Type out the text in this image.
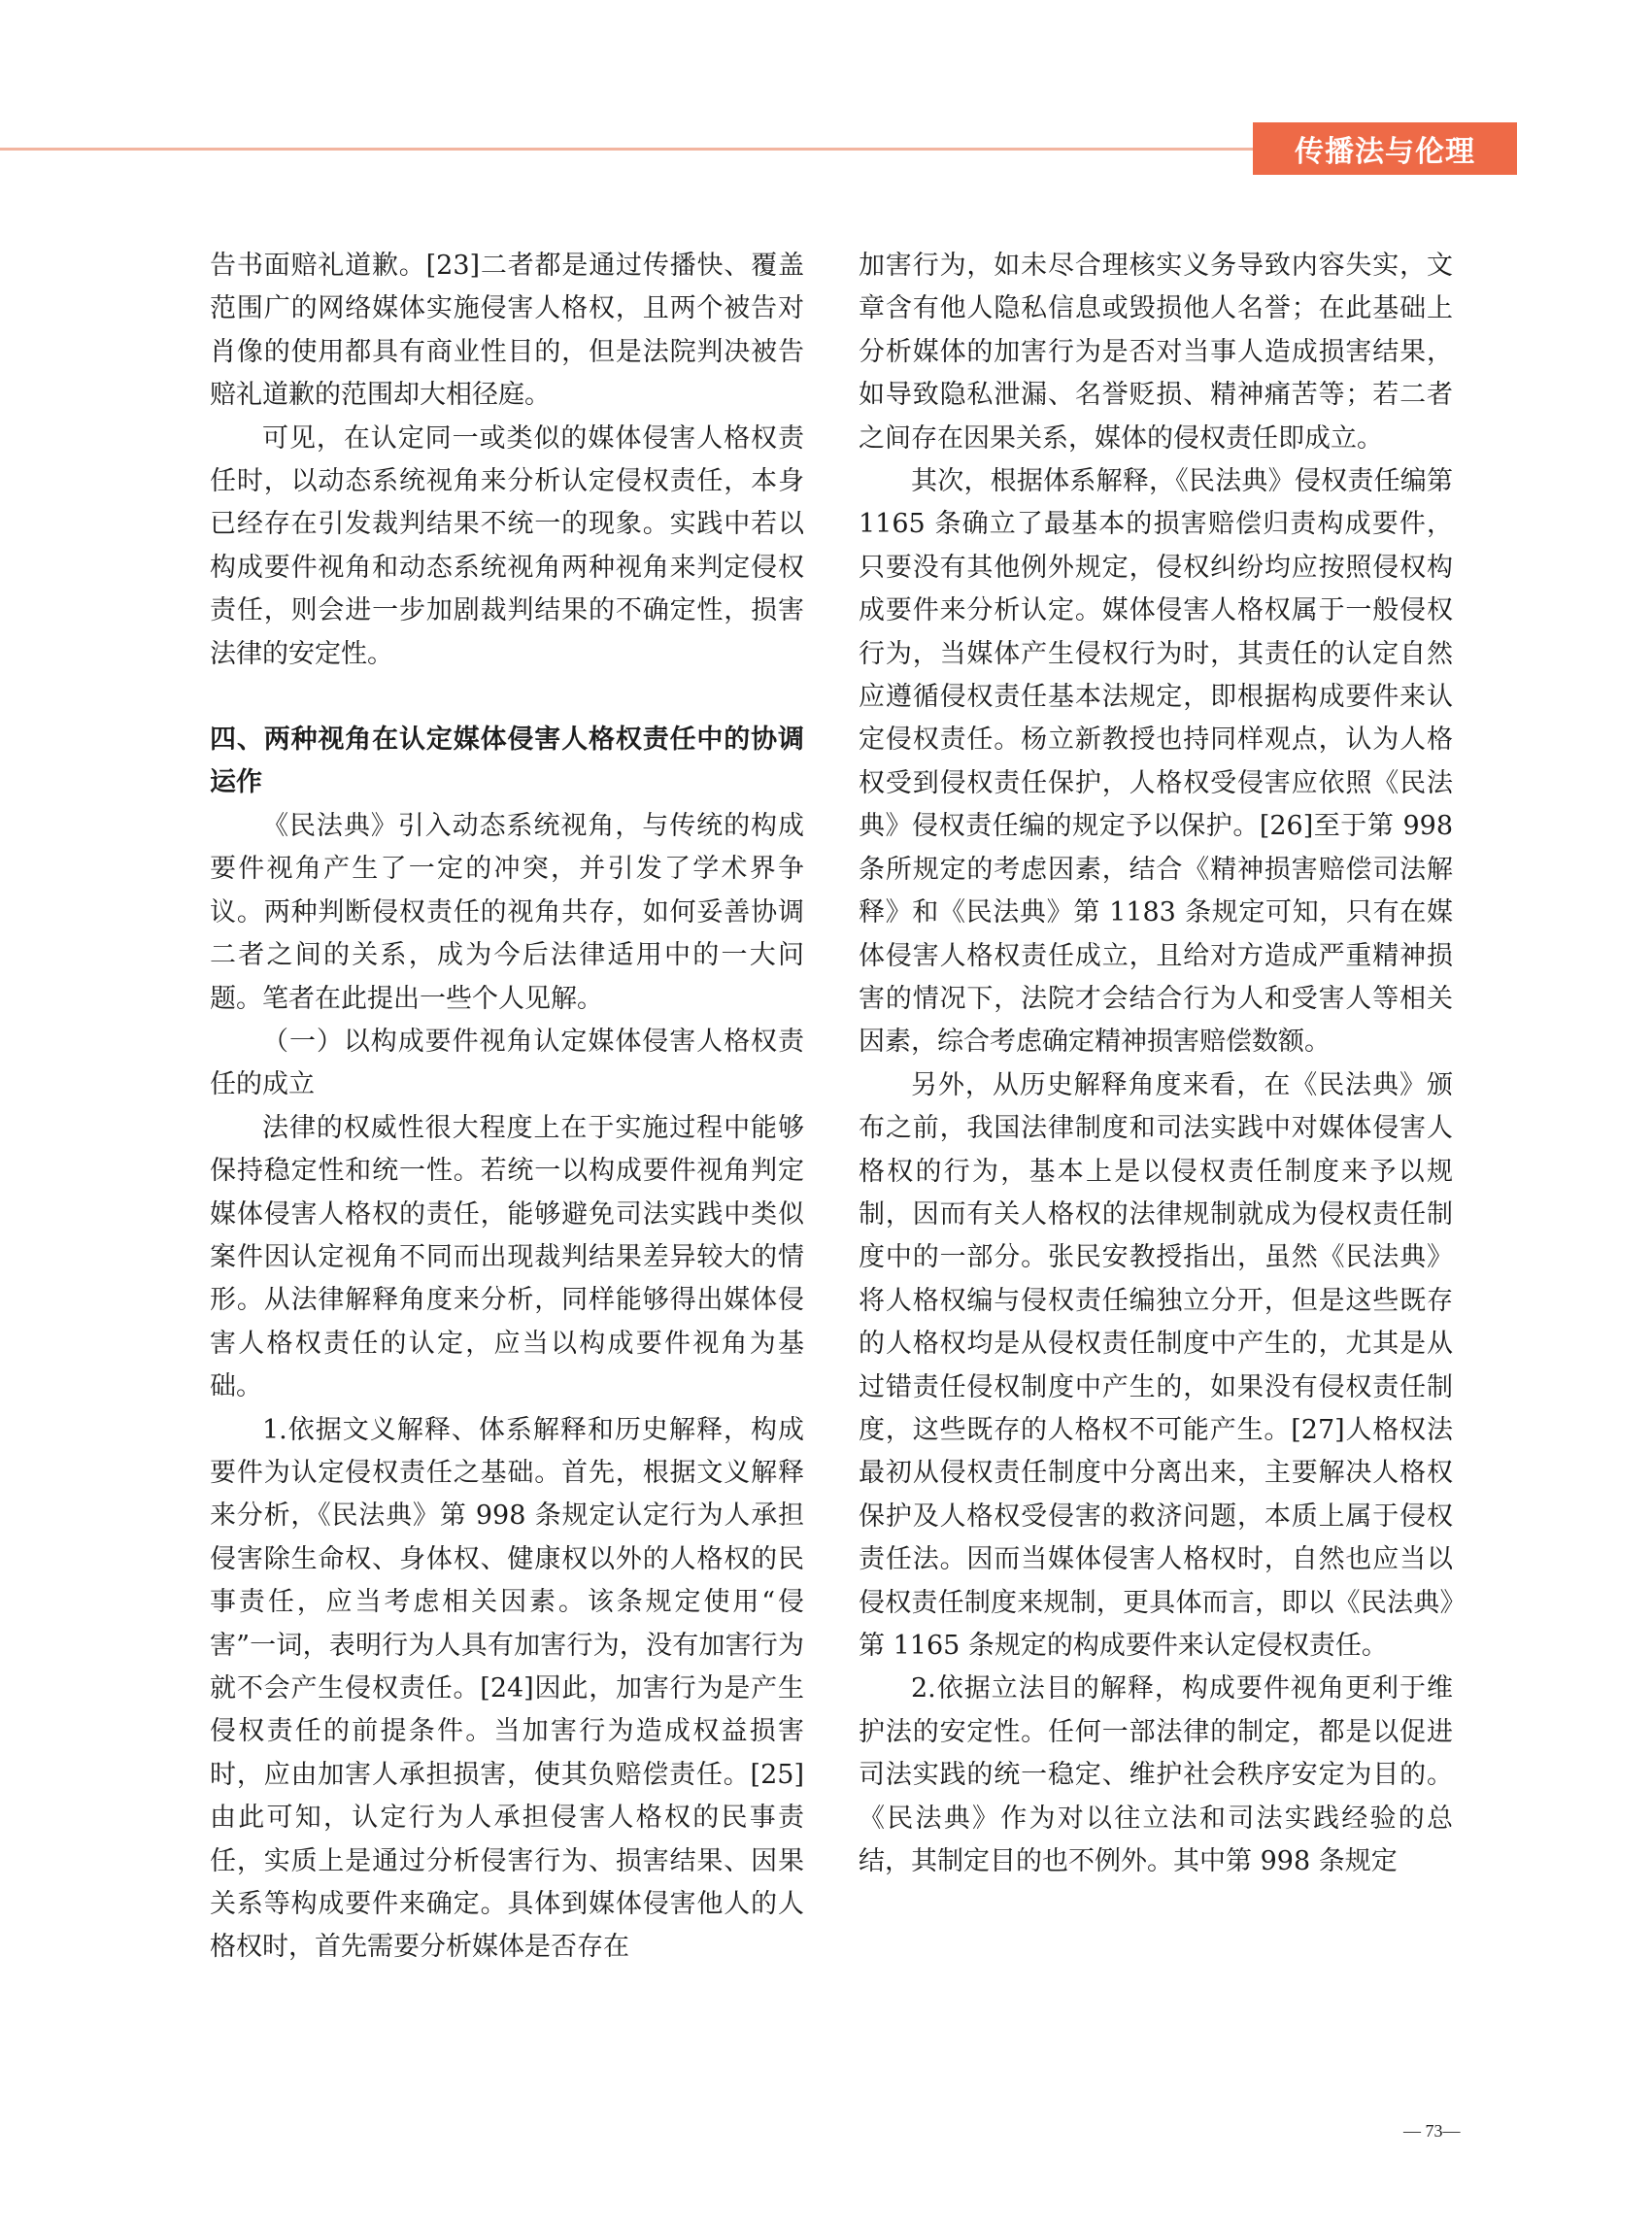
传播法与伦理

告书面赔礼道歉。[23]二者都是通过传播快、覆盖范围广的网络媒体实施侵害人格权，且两个被告对肖像的使用都具有商业性目的，但是法院判决被告赔礼道歉的范围却大相径庭。

可见，在认定同一或类似的媒体侵害人格权责任时，以动态系统视角来分析认定侵权责任，本身已经存在引发裁判结果不统一的现象。实践中若以构成要件视角和动态系统视角两种视角来判定侵权责任，则会进一步加剧裁判结果的不确定性，损害法律的安定性。

四、两种视角在认定媒体侵害人格权责任中的协调运作

《民法典》引入动态系统视角，与传统的构成要件视角产生了一定的冲突，并引发了学术界争议。两种判断侵权责任的视角共存，如何妥善协调二者之间的关系，成为今后法律适用中的一大问题。笔者在此提出一些个人见解。

（一）以构成要件视角认定媒体侵害人格权责任的成立

法律的权威性很大程度上在于实施过程中能够保持稳定性和统一性。若统一以构成要件视角判定媒体侵害人格权的责任，能够避免司法实践中类似案件因认定视角不同而出现裁判结果差异较大的情形。从法律解释角度来分析，同样能够得出媒体侵害人格权责任的认定，应当以构成要件视角为基础。

1.依据文义解释、体系解释和历史解释，构成要件为认定侵权责任之基础。首先，根据文义解释来分析，《民法典》第 998 条规定认定行为人承担侵害除生命权、身体权、健康权以外的人格权的民事责任，应当考虑相关因素。该条规定使用“侵害”一词，表明行为人具有加害行为，没有加害行为就不会产生侵权责任。[24]因此，加害行为是产生侵权责任的前提条件。当加害行为造成权益损害时，应由加害人承担损害，使其负赔偿责任。[25]由此可知，认定行为人承担侵害人格权的民事责任，实质上是通过分析侵害行为、损害结果、因果关系等构成要件来确定。具体到媒体侵害他人的人格权时，首先需要分析媒体是否存在

加害行为，如未尽合理核实义务导致内容失实，文章含有他人隐私信息或毁损他人名誉；在此基础上分析媒体的加害行为是否对当事人造成损害结果，如导致隐私泄漏、名誉贬损、精神痛苦等；若二者之间存在因果关系，媒体的侵权责任即成立。

其次，根据体系解释，《民法典》侵权责任编第 1165 条确立了最基本的损害赔偿归责构成要件，只要没有其他例外规定，侵权纠纷均应按照侵权构成要件来分析认定。媒体侵害人格权属于一般侵权行为，当媒体产生侵权行为时，其责任的认定自然应遵循侵权责任基本法规定，即根据构成要件来认定侵权责任。杨立新教授也持同样观点，认为人格权受到侵权责任保护，人格权受侵害应依照《民法典》侵权责任编的规定予以保护。[26]至于第 998 条所规定的考虑因素，结合《精神损害赔偿司法解释》和《民法典》第 1183 条规定可知，只有在媒体侵害人格权责任成立，且给对方造成严重精神损害的情况下，法院才会结合行为人和受害人等相关因素，综合考虑确定精神损害赔偿数额。

另外，从历史解释角度来看，在《民法典》颁布之前，我国法律制度和司法实践中对媒体侵害人格权的行为，基本上是以侵权责任制度来予以规制，因而有关人格权的法律规制就成为侵权责任制度中的一部分。张民安教授指出，虽然《民法典》将人格权编与侵权责任编独立分开，但是这些既存的人格权均是从侵权责任制度中产生的，尤其是从过错责任侵权制度中产生的，如果没有侵权责任制度，这些既存的人格权不可能产生。[27]人格权法最初从侵权责任制度中分离出来，主要解决人格权保护及人格权受侵害的救济问题，本质上属于侵权责任法。因而当媒体侵害人格权时，自然也应当以侵权责任制度来规制，更具体而言，即以《民法典》第 1165 条规定的构成要件来认定侵权责任。

2.依据立法目的解释，构成要件视角更利于维护法的安定性。任何一部法律的制定，都是以促进司法实践的统一稳定、维护社会秩序安定为目的。《民法典》作为对以往立法和司法实践经验的总结，其制定目的也不例外。其中第 998 条规定

— 73—
